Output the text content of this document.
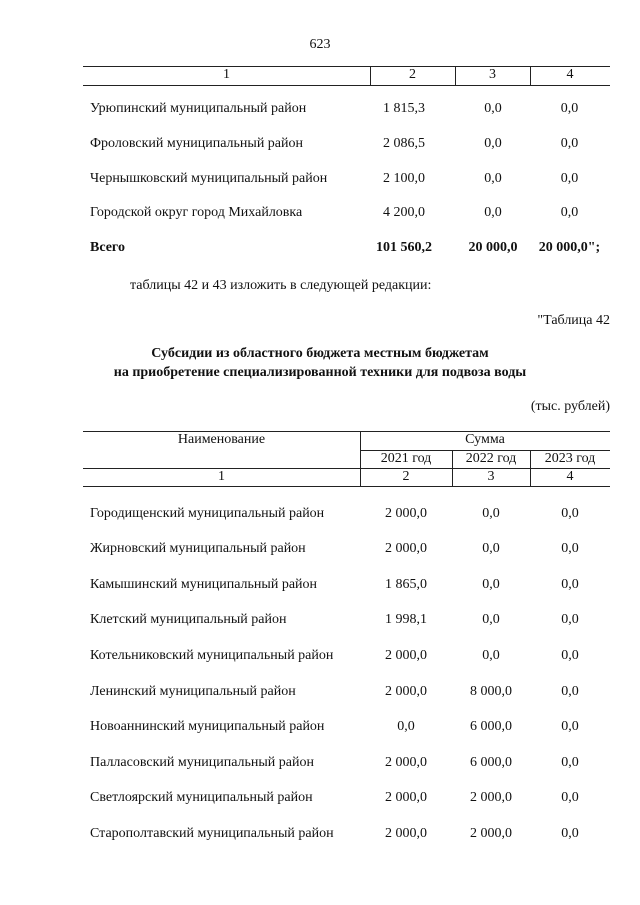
623
1	2	3	4
Урюпинский муниципальный район	1 815,3	0,0	0,0
Фроловский муниципальный район	2 086,5	0,0	0,0
Чернышковский муниципальный район	2 100,0	0,0	0,0
Городской округ город Михайловка	4 200,0	0,0	0,0
Всего	101 560,2	20 000,0	20 000,0";
таблицы 42 и 43 изложить в следующей редакции:
"Таблица 42
Субсидии из областного бюджета местным бюджетам
на приобретение специализированной техники для подвоза воды
(тыс. рублей)
Наименование	Сумма
2021 год	2022 год	2023 год
1	2	3	4
Городищенский муниципальный район	2 000,0	0,0	0,0
Жирновский муниципальный район	2 000,0	0,0	0,0
Камышинский муниципальный район	1 865,0	0,0	0,0
Клетский муниципальный район	1 998,1	0,0	0,0
Котельниковский муниципальный район	2 000,0	0,0	0,0
Ленинский муниципальный район	2 000,0	8 000,0	0,0
Новоаннинский муниципальный район	0,0	6 000,0	0,0
Палласовский муниципальный район	2 000,0	6 000,0	0,0
Светлоярский муниципальный район	2 000,0	2 000,0	0,0
Старополтавский муниципальный район	2 000,0	2 000,0	0,0
